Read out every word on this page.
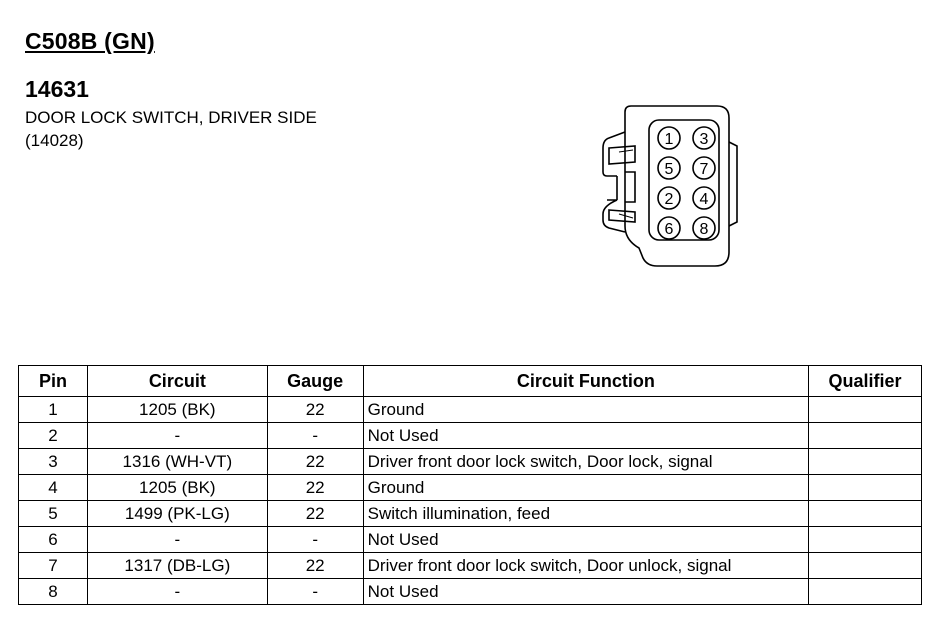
C508B (GN)
14631
DOOR LOCK SWITCH, DRIVER SIDE
(14028)	1
2
3
4
5
6
7
8
Pin	Circuit	Gauge	Circuit Function	Qualifier
1	1205 (BK)	22	Ground	
2	-	-	Not Used	
3	1316 (WH-VT)	22	Driver front door lock switch, Door lock, signal	
4	1205 (BK)	22	Ground	
5	1499 (PK-LG)	22	Switch illumination, feed	
6	-	-	Not Used	
7	1317 (DB-LG)	22	Driver front door lock switch, Door unlock, signal	
8	-	-	Not Used	
